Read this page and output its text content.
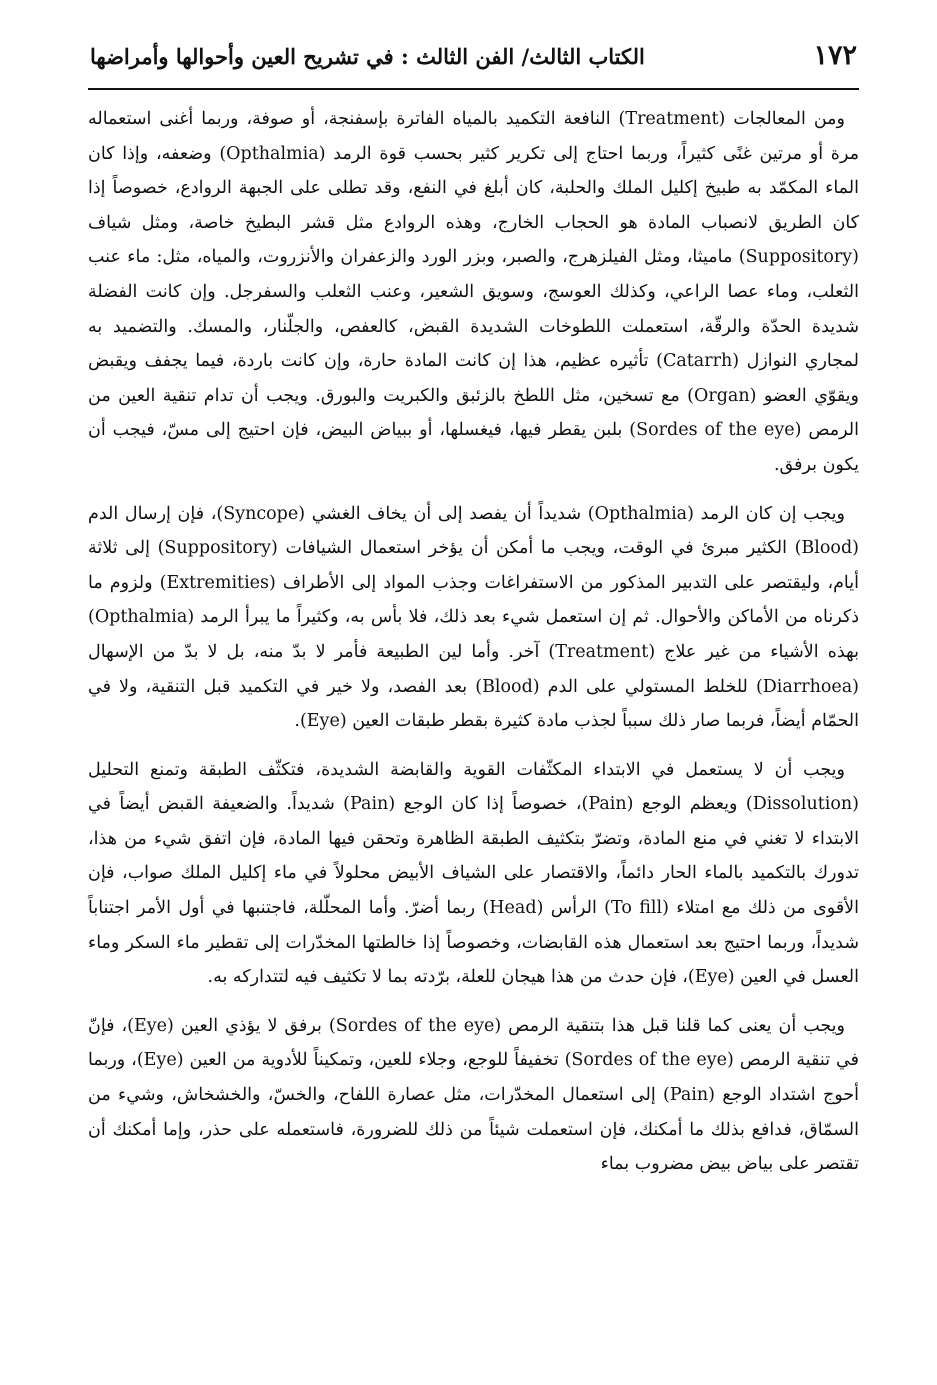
١٧٢
الكتاب الثالث/ الفن الثالث : في تشريح العين وأحوالها وأمراضها

ومن المعالجات (Treatment) النافعة التكميد بالمياه الفاترة بإسفنجة، أو صوفة، وربما أغنى استعماله مرة أو مرتين غنًى كثيراً، وربما احتاج إلى تكرير كثير بحسب قوة الرمد (Opthalmia) وضعفه، وإذا كان الماء المكمّد به طبيخ إكليل الملك والحلبة، كان أبلغ في النفع، وقد تطلى على الجبهة الروادع، خصوصاً إذا كان الطريق لانصباب المادة هو الحجاب الخارج، وهذه الروادع مثل قشر البطيخ خاصة، ومثل شياف (Suppository) ماميثا، ومثل الفيلزهرج، والصبر، وبزر الورد والزعفران والأنزروت، والمياه، مثل: ماء عنب الثعلب، وماء عصا الراعي، وكذلك العوسج، وسويق الشعير، وعنب الثعلب والسفرجل. وإن كانت الفضلة شديدة الحدّة والرقّة، استعملت اللطوخات الشديدة القبض، كالعفص، والجلّنار، والمسك. والتضميد به لمجاري النوازل (Catarrh) تأثيره عظيم، هذا إن كانت المادة حارة، وإن كانت باردة، فيما يجفف ويقبض ويقوّي العضو (Organ) مع تسخين، مثل اللطخ بالزئبق والكبريت والبورق. ويجب أن تدام تنقية العين من الرمص (Sordes of the eye) بلبن يقطر فيها، فيغسلها، أو ببياض البيض، فإن احتيج إلى مسّ، فيجب أن يكون برفق.

ويجب إن كان الرمد (Opthalmia) شديداً أن يفصد إلى أن يخاف الغشي (Syncope)، فإن إرسال الدم (Blood) الكثير مبرئ في الوقت، ويجب ما أمكن أن يؤخر استعمال الشيافات (Suppository) إلى ثلاثة أيام، وليقتصر على التدبير المذكور من الاستفراغات وجذب المواد إلى الأطراف (Extremities) ولزوم ما ذكرناه من الأماكن والأحوال. ثم إن استعمل شيء بعد ذلك، فلا بأس به، وكثيراً ما يبرأ الرمد (Opthalmia) بهذه الأشياء من غير علاج (Treatment) آخر. وأما لين الطبيعة فأمر لا بدّ منه، بل لا بدّ من الإسهال (Diarrhoea) للخلط المستولي على الدم (Blood) بعد الفصد، ولا خير في التكميد قبل التنقية، ولا في الحمّام أيضاً، فربما صار ذلك سبباً لجذب مادة كثيرة بقطر طبقات العين (Eye).

ويجب أن لا يستعمل في الابتداء المكثّفات القوية والقابضة الشديدة، فتكثّف الطبقة وتمنع التحليل (Dissolution) ويعظم الوجع (Pain)، خصوصاً إذا كان الوجع (Pain) شديداً. والضعيفة القبض أيضاً في الابتداء لا تغني في منع المادة، وتضرّ بتكثيف الطبقة الظاهرة وتحقن فيها المادة، فإن اتفق شيء من هذا، تدورك بالتكميد بالماء الحار دائماً، والاقتصار على الشياف الأبيض محلولاً في ماء إكليل الملك صواب، فإن الأقوى من ذلك مع امتلاء (To fill) الرأس (Head) ربما أضرّ. وأما المحلّلة، فاجتنبها في أول الأمر اجتناباً شديداً، وربما احتيج بعد استعمال هذه القابضات، وخصوصاً إذا خالطتها المخدّرات إلى تقطير ماء السكر وماء العسل في العين (Eye)، فإن حدث من هذا هيجان للعلة، برّدته بما لا تكثيف فيه لتتداركه به.

ويجب أن يعنى كما قلنا قبل هذا بتنقية الرمص (Sordes of the eye) برفق لا يؤذي العين (Eye)، فإنّ في تنقية الرمص (Sordes of the eye) تخفيفاً للوجع، وجلاء للعين، وتمكيناً للأدوية من العين (Eye)، وربما أحوج اشتداد الوجع (Pain) إلى استعمال المخدّرات، مثل عصارة اللفاح، والخسّ، والخشخاش، وشيء من السمّاق، فدافع بذلك ما أمكنك، فإن استعملت شيئاً من ذلك للضرورة، فاستعمله على حذر، وإما أمكنك أن تقتصر على بياض بيض مضروب بماء
